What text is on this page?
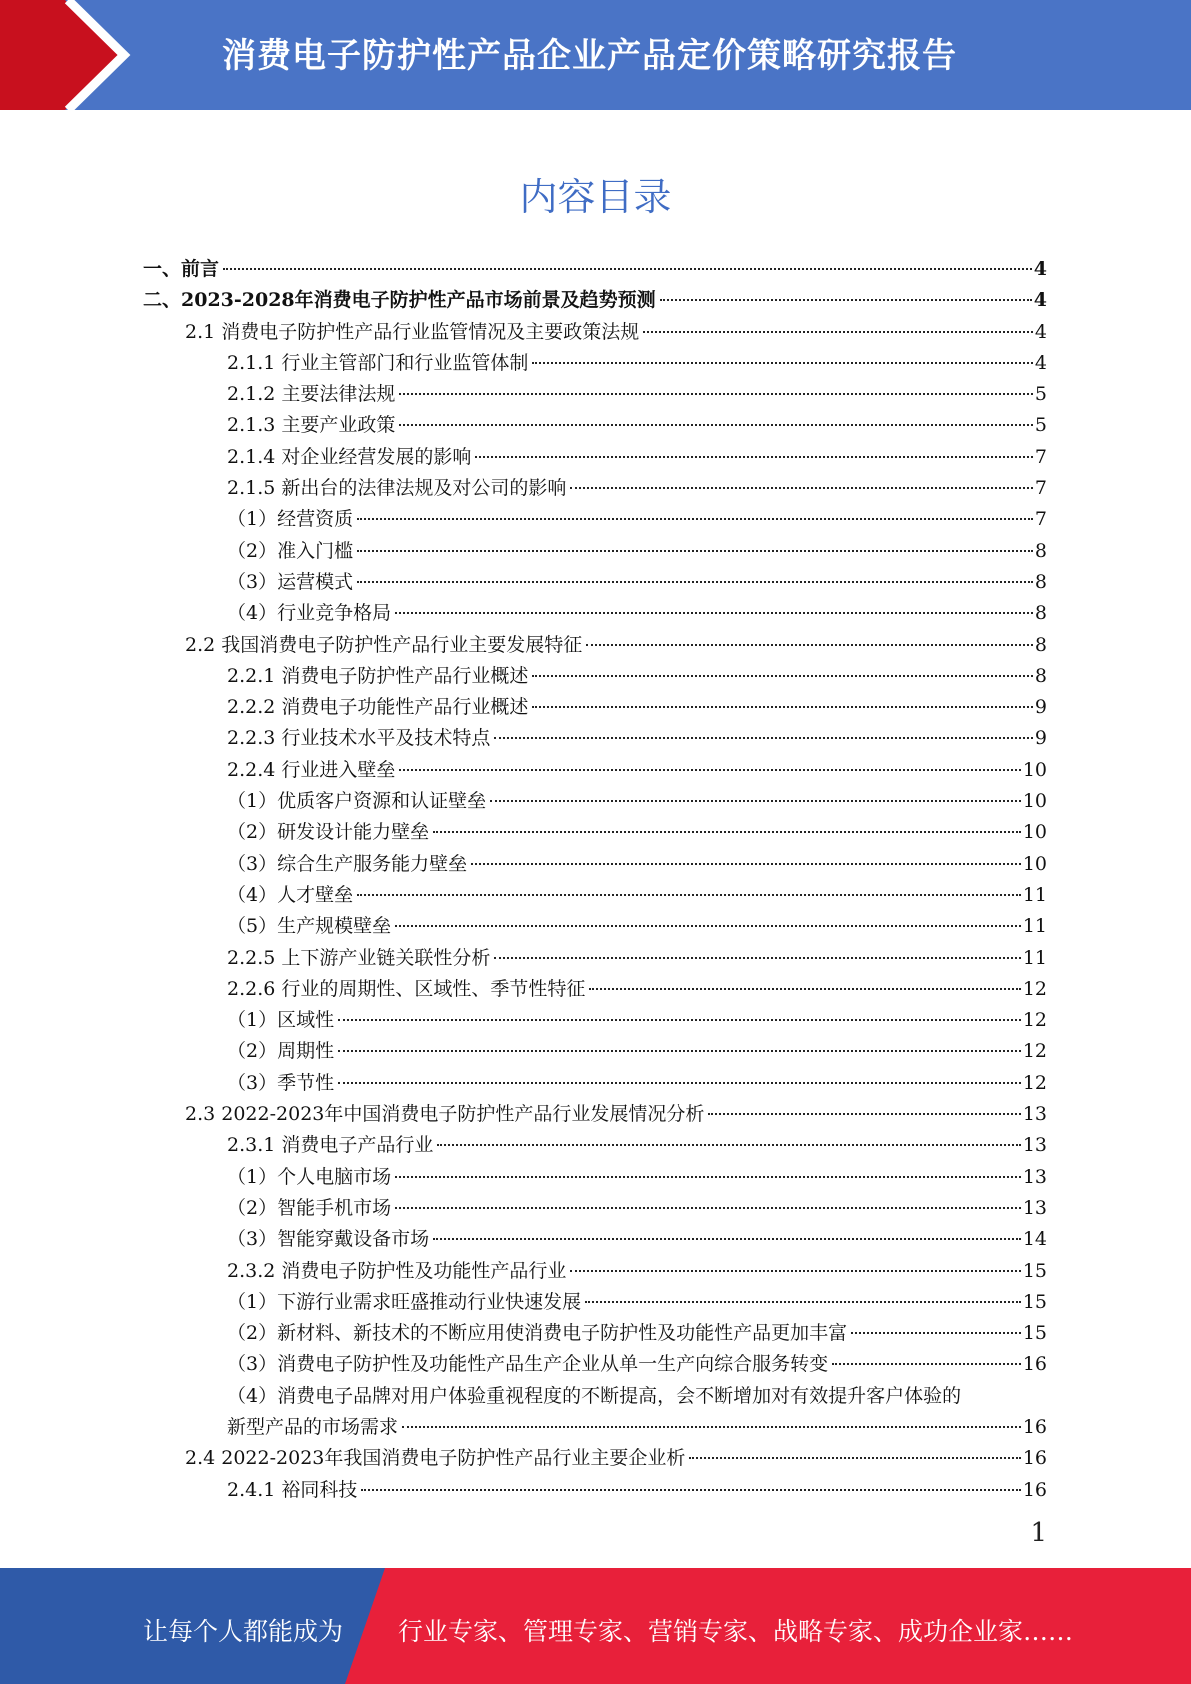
消费电子防护性产品企业产品定价策略研究报告
内容目录
一、前言	4
二、2023-2028年消费电子防护性产品市场前景及趋势预测	4
2.1 消费电子防护性产品行业监管情况及主要政策法规	4
2.1.1 行业主管部门和行业监管体制	4
2.1.2 主要法律法规	5
2.1.3 主要产业政策	5
2.1.4 对企业经营发展的影响	7
2.1.5 新出台的法律法规及对公司的影响	7
（1）经营资质	7
（2）准入门槛	8
（3）运营模式	8
（4）行业竞争格局	8
2.2 我国消费电子防护性产品行业主要发展特征	8
2.2.1 消费电子防护性产品行业概述	8
2.2.2 消费电子功能性产品行业概述	9
2.2.3 行业技术水平及技术特点	9
2.2.4 行业进入壁垒	10
（1）优质客户资源和认证壁垒	10
（2）研发设计能力壁垒	10
（3）综合生产服务能力壁垒	10
（4）人才壁垒	11
（5）生产规模壁垒	11
2.2.5 上下游产业链关联性分析	11
2.2.6 行业的周期性、区域性、季节性特征	12
（1）区域性	12
（2）周期性	12
（3）季节性	12
2.3 2022-2023年中国消费电子防护性产品行业发展情况分析	13
2.3.1 消费电子产品行业	13
（1）个人电脑市场	13
（2）智能手机市场	13
（3）智能穿戴设备市场	14
2.3.2 消费电子防护性及功能性产品行业	15
（1）下游行业需求旺盛推动行业快速发展	15
（2）新材料、新技术的不断应用使消费电子防护性及功能性产品更加丰富	15
（3）消费电子防护性及功能性产品生产企业从单一生产向综合服务转变	16
（4）消费电子品牌对用户体验重视程度的不断提高，会不断增加对有效提升客户体验的
新型产品的市场需求	16
2.4 2022-2023年我国消费电子防护性产品行业主要企业析	16
2.4.1 裕同科技	16
1
让每个人都能成为 行业专家、管理专家、营销专家、战略专家、成功企业家……
